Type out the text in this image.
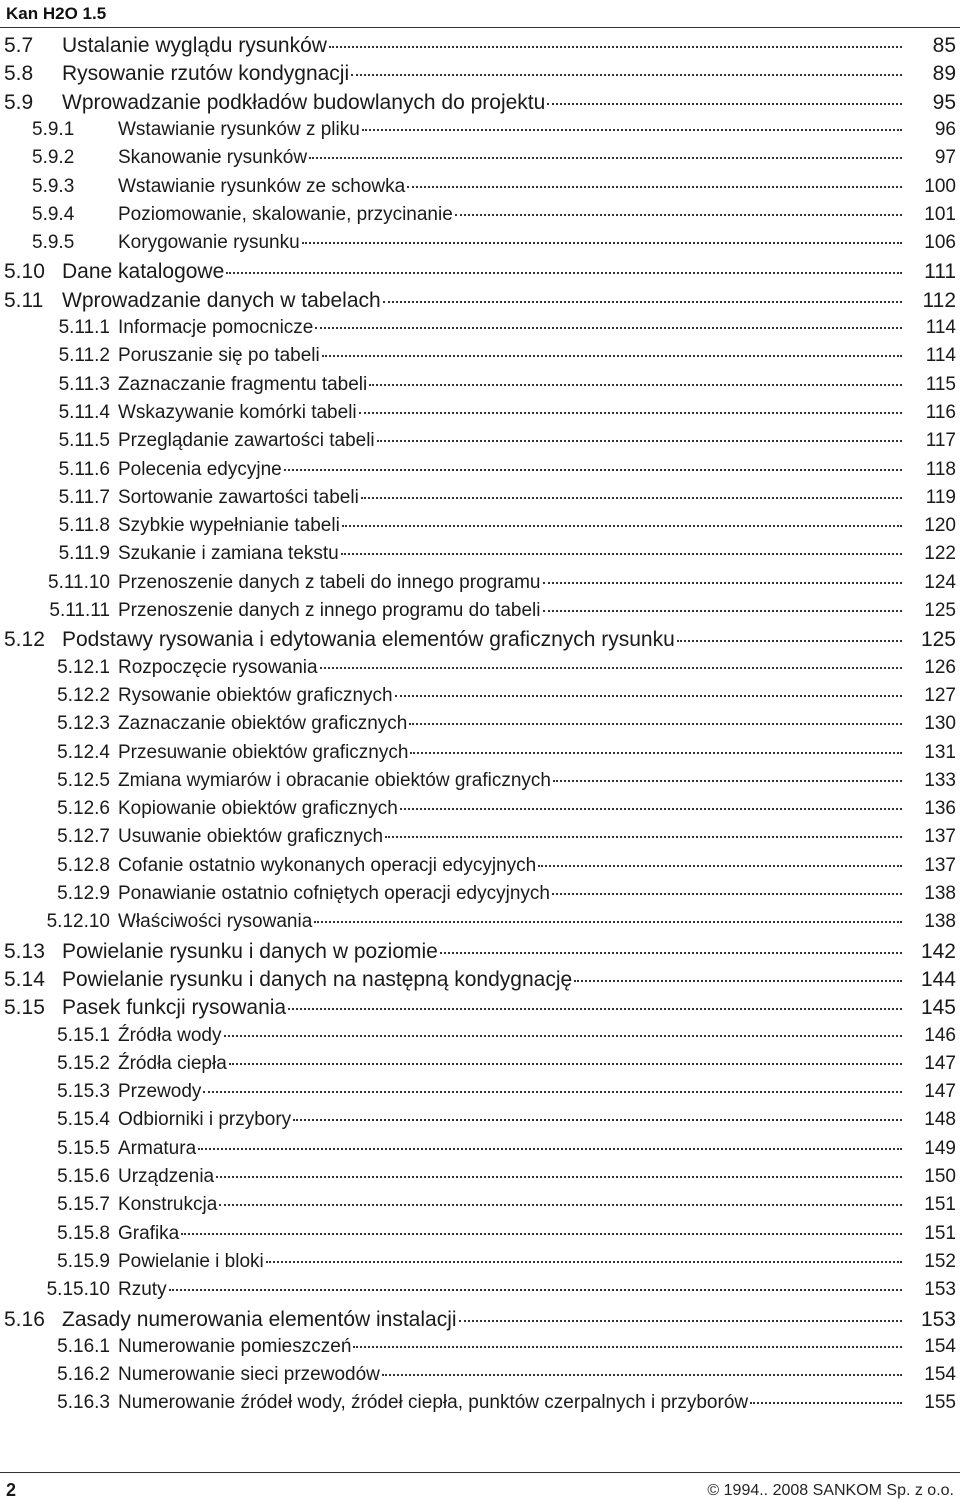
Kan H2O 1.5
5.7	Ustalanie wyglądu rysunków	85
5.8	Rysowanie rzutów kondygnacji	89
5.9	Wprowadzanie podkładów budowlanych do projektu	95
5.9.1	Wstawianie rysunków z pliku	96
5.9.2	Skanowanie rysunków	97
5.9.3	Wstawianie rysunków ze schowka	100
5.9.4	Poziomowanie, skalowanie, przycinanie	101
5.9.5	Korygowanie rysunku	106
5.10 Dane katalogowe	111
5.11 Wprowadzanie danych w tabelach	112
5.11.1 Informacje pomocnicze	114
5.11.2 Poruszanie się po tabeli	114
5.11.3 Zaznaczanie fragmentu tabeli	115
5.11.4 Wskazywanie komórki tabeli	116
5.11.5 Przeglądanie zawartości tabeli	117
5.11.6 Polecenia edycyjne	118
5.11.7 Sortowanie zawartości tabeli	119
5.11.8 Szybkie wypełnianie tabeli	120
5.11.9 Szukanie i zamiana tekstu	122
5.11.10 Przenoszenie danych z tabeli do innego programu	124
5.11.11 Przenoszenie danych z innego programu do tabeli	125
5.12 Podstawy rysowania i edytowania elementów graficznych rysunku	125
5.12.1 Rozpoczęcie rysowania	126
5.12.2 Rysowanie obiektów graficznych	127
5.12.3 Zaznaczanie obiektów graficznych	130
5.12.4 Przesuwanie obiektów graficznych	131
5.12.5 Zmiana wymiarów i obracanie obiektów graficznych	133
5.12.6 Kopiowanie obiektów graficznych	136
5.12.7 Usuwanie obiektów graficznych	137
5.12.8 Cofanie ostatnio wykonanych operacji edycyjnych	137
5.12.9 Ponawianie ostatnio cofniętych operacji edycyjnych	138
5.12.10 Właściwości rysowania	138
5.13 Powielanie rysunku i danych w poziomie	142
5.14 Powielanie rysunku i danych na następną kondygnację	144
5.15 Pasek funkcji rysowania	145
5.15.1 Źródła wody	146
5.15.2 Źródła ciepła	147
5.15.3 Przewody	147
5.15.4 Odbiorniki i przybory	148
5.15.5 Armatura	149
5.15.6 Urządzenia	150
5.15.7 Konstrukcja	151
5.15.8 Grafika	151
5.15.9 Powielanie i bloki	152
5.15.10 Rzuty	153
5.16 Zasady numerowania elementów instalacji	153
5.16.1 Numerowanie pomieszczeń	154
5.16.2 Numerowanie sieci przewodów	154
5.16.3 Numerowanie źródeł wody, źródeł ciepła, punktów czerpalnych i przyborów	155
2	© 1994.. 2008 SANKOM Sp. z o.o.
